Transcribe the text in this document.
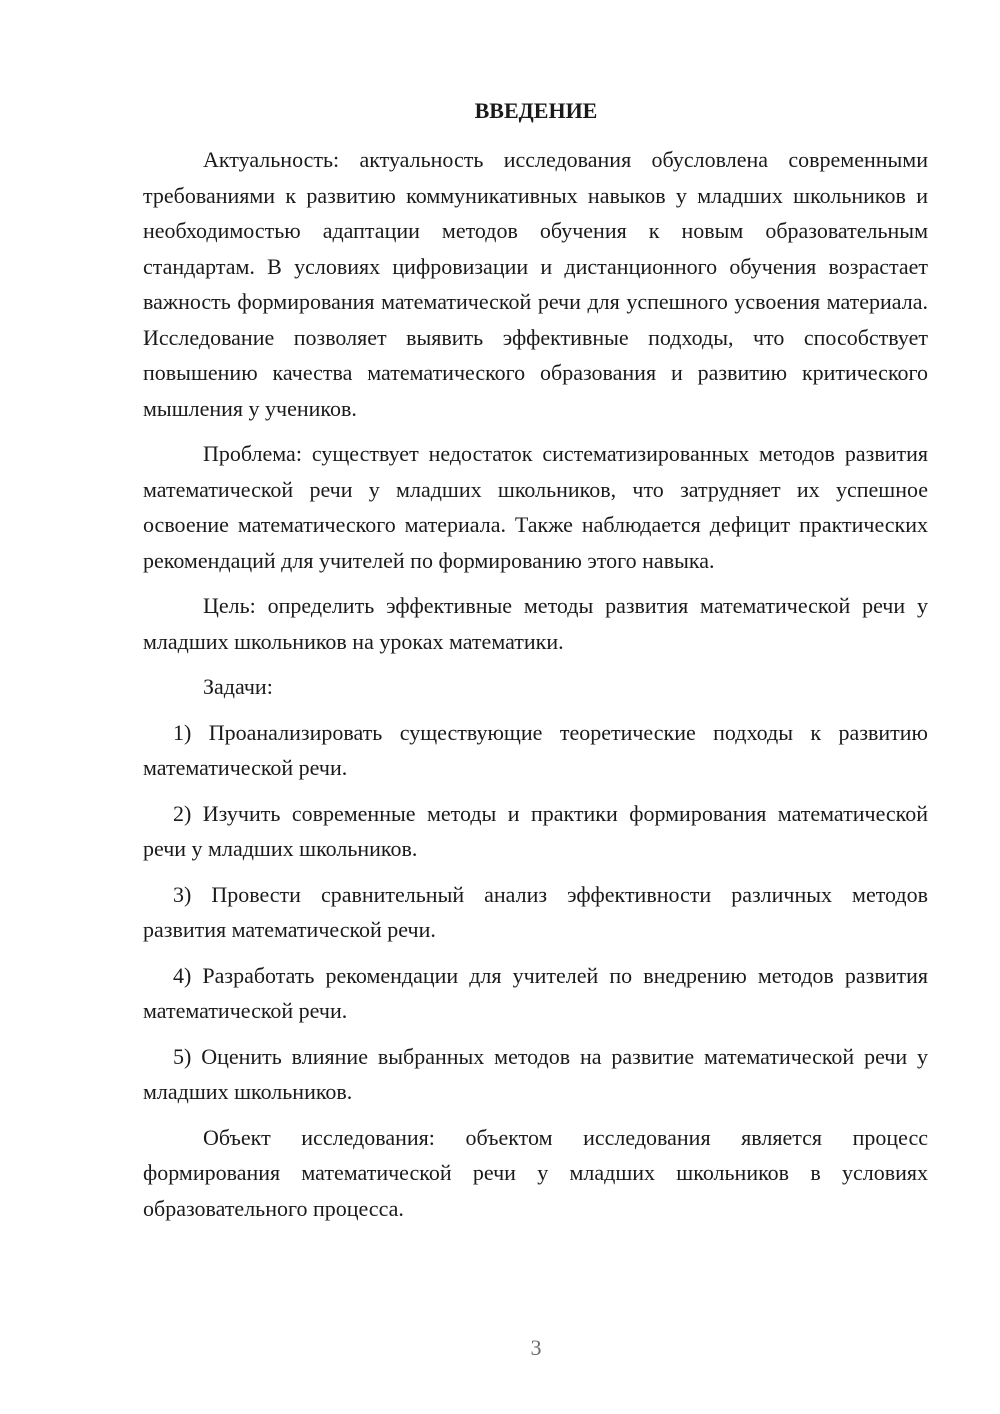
ВВЕДЕНИЕ

Актуальность: актуальность исследования обусловлена современными требованиями к развитию коммуникативных навыков у младших школьников и необходимостью адаптации методов обучения к новым образовательным стандартам. В условиях цифровизации и дистанционного обучения возрастает важность формирования математической речи для успешного усвоения материала. Исследование позволяет выявить эффективные подходы, что способствует повышению качества математического образования и развитию критического мышления у учеников.

Проблема: существует недостаток систематизированных методов развития математической речи у младших школьников, что затрудняет их успешное освоение математического материала. Также наблюдается дефицит практических рекомендаций для учителей по формированию этого навыка.

Цель: определить эффективные методы развития математической речи у младших школьников на уроках математики.

Задачи:

1) Проанализировать существующие теоретические подходы к развитию математической речи.

2) Изучить современные методы и практики формирования математической речи у младших школьников.

3) Провести сравнительный анализ эффективности различных методов развития математической речи.

4) Разработать рекомендации для учителей по внедрению методов развития математической речи.

5) Оценить влияние выбранных методов на развитие математической речи у младших школьников.

Объект исследования: объектом исследования является процесс формирования математической речи у младших школьников в условиях образовательного процесса.

3
